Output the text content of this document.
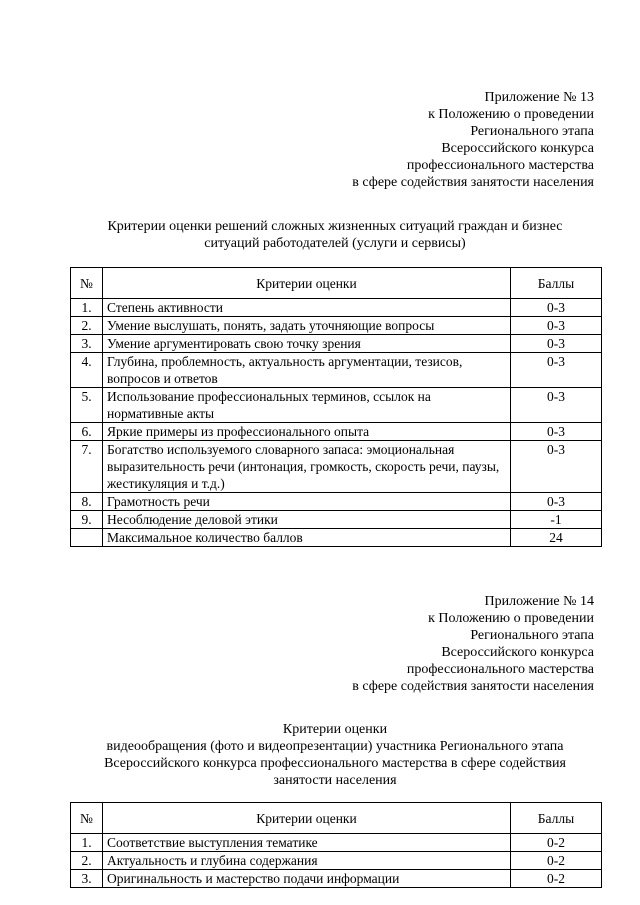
Приложение № 13
к Положению о проведении
Регионального этапа
Всероссийского конкурса
профессионального мастерства
в сфере содействия занятости населения
Критерии оценки решений сложных жизненных ситуаций граждан и бизнес
ситуаций работодателей (услуги и сервисы)
№	Критерии оценки	Баллы
1.	Степень активности	0-3
2.	Умение выслушать, понять, задать уточняющие вопросы	0-3
3.	Умение аргументировать свою точку зрения	0-3
4.	Глубина, проблемность, актуальность аргументации, тезисов, вопросов и ответов	0-3
5.	Использование профессиональных терминов, ссылок на нормативные акты	0-3
6.	Яркие примеры из профессионального опыта	0-3
7.	Богатство используемого словарного запаса: эмоциональная выразительность речи (интонация, громкость, скорость речи, паузы, жестикуляция и т.д.)	0-3
8.	Грамотность речи	0-3
9.	Несоблюдение деловой этики	-1
	Максимальное количество баллов	24
Приложение № 14
к Положению о проведении
Регионального этапа
Всероссийского конкурса
профессионального мастерства
в сфере содействия занятости населения
Критерии оценки
видеообращения (фото и видеопрезентации) участника Регионального этапа
Всероссийского конкурса профессионального мастерства в сфере содействия
занятости населения
№	Критерии оценки	Баллы
1.	Соответствие выступления тематике	0-2
2.	Актуальность и глубина содержания	0-2
3.	Оригинальность и мастерство подачи информации	0-2
